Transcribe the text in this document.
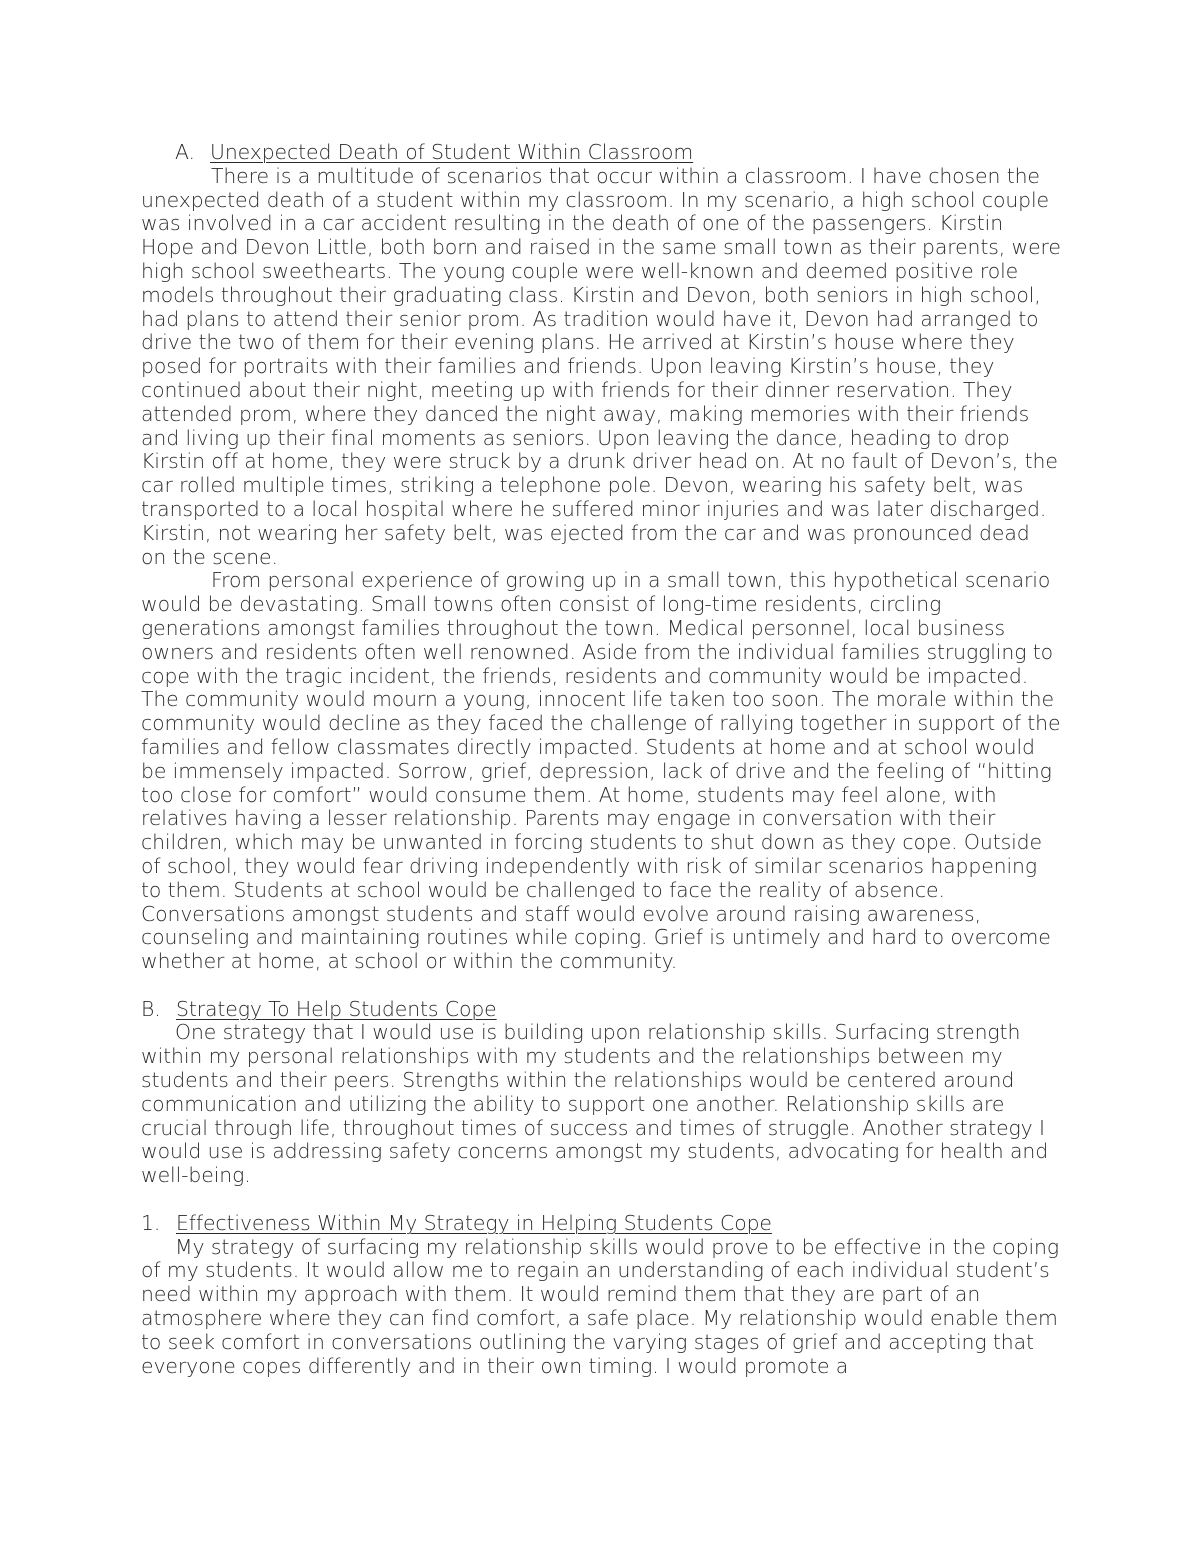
A. Unexpected Death of Student Within Classroom

There is a multitude of scenarios that occur within a classroom. I have chosen the unexpected death of a student within my classroom. In my scenario, a high school couple was involved in a car accident resulting in the death of one of the passengers. Kirstin Hope and Devon Little, both born and raised in the same small town as their parents, were high school sweethearts. The young couple were well-known and deemed positive role models throughout their graduating class. Kirstin and Devon, both seniors in high school, had plans to attend their senior prom. As tradition would have it, Devon had arranged to drive the two of them for their evening plans. He arrived at Kirstin’s house where they posed for portraits with their families and friends. Upon leaving Kirstin’s house, they continued about their night, meeting up with friends for their dinner reservation. They attended prom, where they danced the night away, making memories with their friends and living up their final moments as seniors. Upon leaving the dance, heading to drop Kirstin off at home, they were struck by a drunk driver head on. At no fault of Devon’s, the car rolled multiple times, striking a telephone pole. Devon, wearing his safety belt, was transported to a local hospital where he suffered minor injuries and was later discharged. Kirstin, not wearing her safety belt, was ejected from the car and was pronounced dead on the scene.

From personal experience of growing up in a small town, this hypothetical scenario would be devastating. Small towns often consist of long-time residents, circling generations amongst families throughout the town. Medical personnel, local business owners and residents often well renowned. Aside from the individual families struggling to cope with the tragic incident, the friends, residents and community would be impacted. The community would mourn a young, innocent life taken too soon. The morale within the community would decline as they faced the challenge of rallying together in support of the families and fellow classmates directly impacted. Students at home and at school would be immensely impacted. Sorrow, grief, depression, lack of drive and the feeling of “hitting too close for comfort” would consume them. At home, students may feel alone, with relatives having a lesser relationship. Parents may engage in conversation with their children, which may be unwanted in forcing students to shut down as they cope. Outside of school, they would fear driving independently with risk of similar scenarios happening to them. Students at school would be challenged to face the reality of absence. Conversations amongst students and staff would evolve around raising awareness, counseling and maintaining routines while coping. Grief is untimely and hard to overcome whether at home, at school or within the community.

B. Strategy To Help Students Cope

One strategy that I would use is building upon relationship skills. Surfacing strength within my personal relationships with my students and the relationships between my students and their peers. Strengths within the relationships would be centered around communication and utilizing the ability to support one another. Relationship skills are crucial through life, throughout times of success and times of struggle. Another strategy I would use is addressing safety concerns amongst my students, advocating for health and well-being.

1. Effectiveness Within My Strategy in Helping Students Cope

My strategy of surfacing my relationship skills would prove to be effective in the coping of my students. It would allow me to regain an understanding of each individual student’s need within my approach with them. It would remind them that they are part of an atmosphere where they can find comfort, a safe place. My relationship would enable them to seek comfort in conversations outlining the varying stages of grief and accepting that everyone copes differently and in their own timing. I would promote a
